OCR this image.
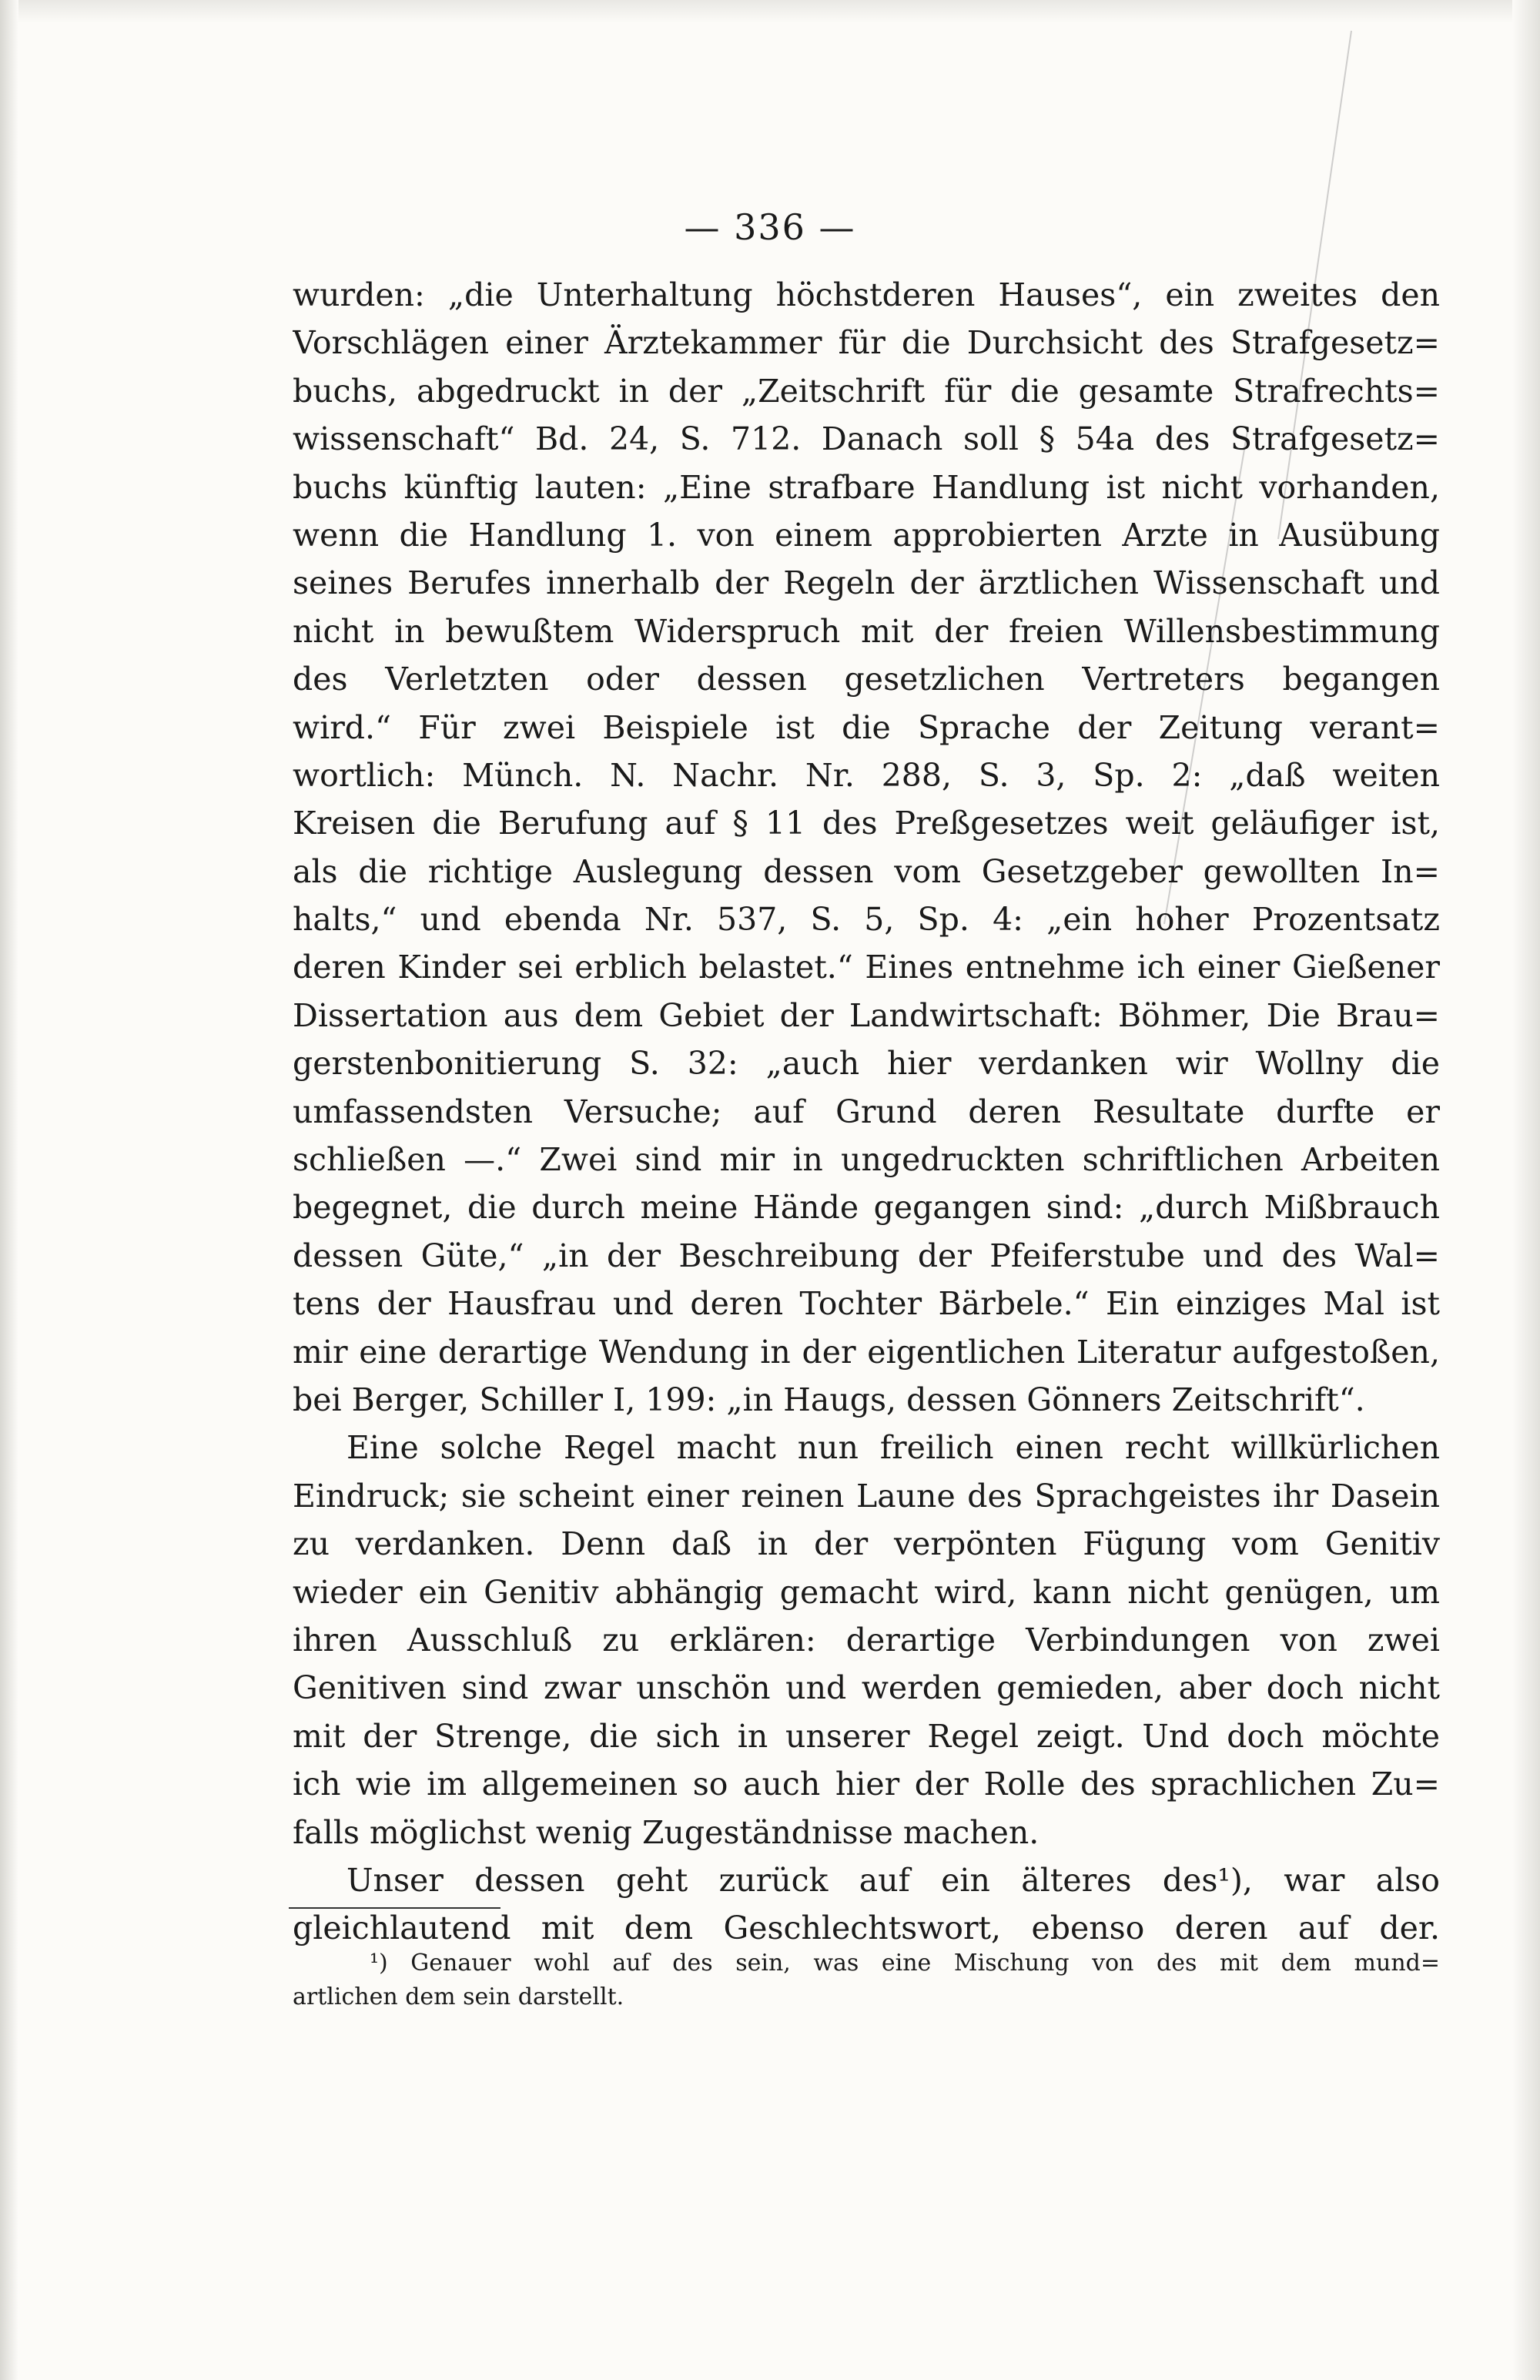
— 336 —
wurden: „die Unterhaltung höchstderen Hauses“, ein zweites den
Vorschlägen einer Ärztekammer für die Durchsicht des Strafgesetz=
buchs, abgedruckt in der „Zeitschrift für die gesamte Strafrechts=
wissenschaft“ Bd. 24, S. 712. Danach soll § 54a des Strafgesetz=
buchs künftig lauten: „Eine strafbare Handlung ist nicht vorhanden,
wenn die Handlung 1. von einem approbierten Arzte in Ausübung
seines Berufes innerhalb der Regeln der ärztlichen Wissenschaft und
nicht in bewußtem Widerspruch mit der freien Willensbestimmung
des Verletzten oder dessen gesetzlichen Vertreters begangen
wird.“ Für zwei Beispiele ist die Sprache der Zeitung verant=
wortlich: Münch. N. Nachr. Nr. 288, S. 3, Sp. 2: „daß weiten
Kreisen die Berufung auf § 11 des Preßgesetzes weit geläufiger ist,
als die richtige Auslegung dessen vom Gesetzgeber gewollten In=
halts,“ und ebenda Nr. 537, S. 5, Sp. 4: „ein hoher Prozentsatz
deren Kinder sei erblich belastet.“ Eines entnehme ich einer Gießener
Dissertation aus dem Gebiet der Landwirtschaft: Böhmer, Die Brau=
gerstenbonitierung S. 32: „auch hier verdanken wir Wollny die
umfassendsten Versuche; auf Grund deren Resultate durfte er
schließen —.“ Zwei sind mir in ungedruckten schriftlichen Arbeiten
begegnet, die durch meine Hände gegangen sind: „durch Mißbrauch
dessen Güte,“ „in der Beschreibung der Pfeiferstube und des Wal=
tens der Hausfrau und deren Tochter Bärbele.“ Ein einziges Mal ist
mir eine derartige Wendung in der eigentlichen Literatur aufgestoßen,
bei Berger, Schiller I, 199: „in Haugs, dessen Gönners Zeitschrift“.
Eine solche Regel macht nun freilich einen recht willkürlichen
Eindruck; sie scheint einer reinen Laune des Sprachgeistes ihr Dasein
zu verdanken. Denn daß in der verpönten Fügung vom Genitiv
wieder ein Genitiv abhängig gemacht wird, kann nicht genügen, um
ihren Ausschluß zu erklären: derartige Verbindungen von zwei
Genitiven sind zwar unschön und werden gemieden, aber doch nicht
mit der Strenge, die sich in unserer Regel zeigt. Und doch möchte
ich wie im allgemeinen so auch hier der Rolle des sprachlichen Zu=
falls möglichst wenig Zugeständnisse machen.
Unser dessen geht zurück auf ein älteres des¹), war also
gleichlautend mit dem Geschlechtswort, ebenso deren auf der.
¹) Genauer wohl auf des sein, was eine Mischung von des mit dem mund=
artlichen dem sein darstellt.
